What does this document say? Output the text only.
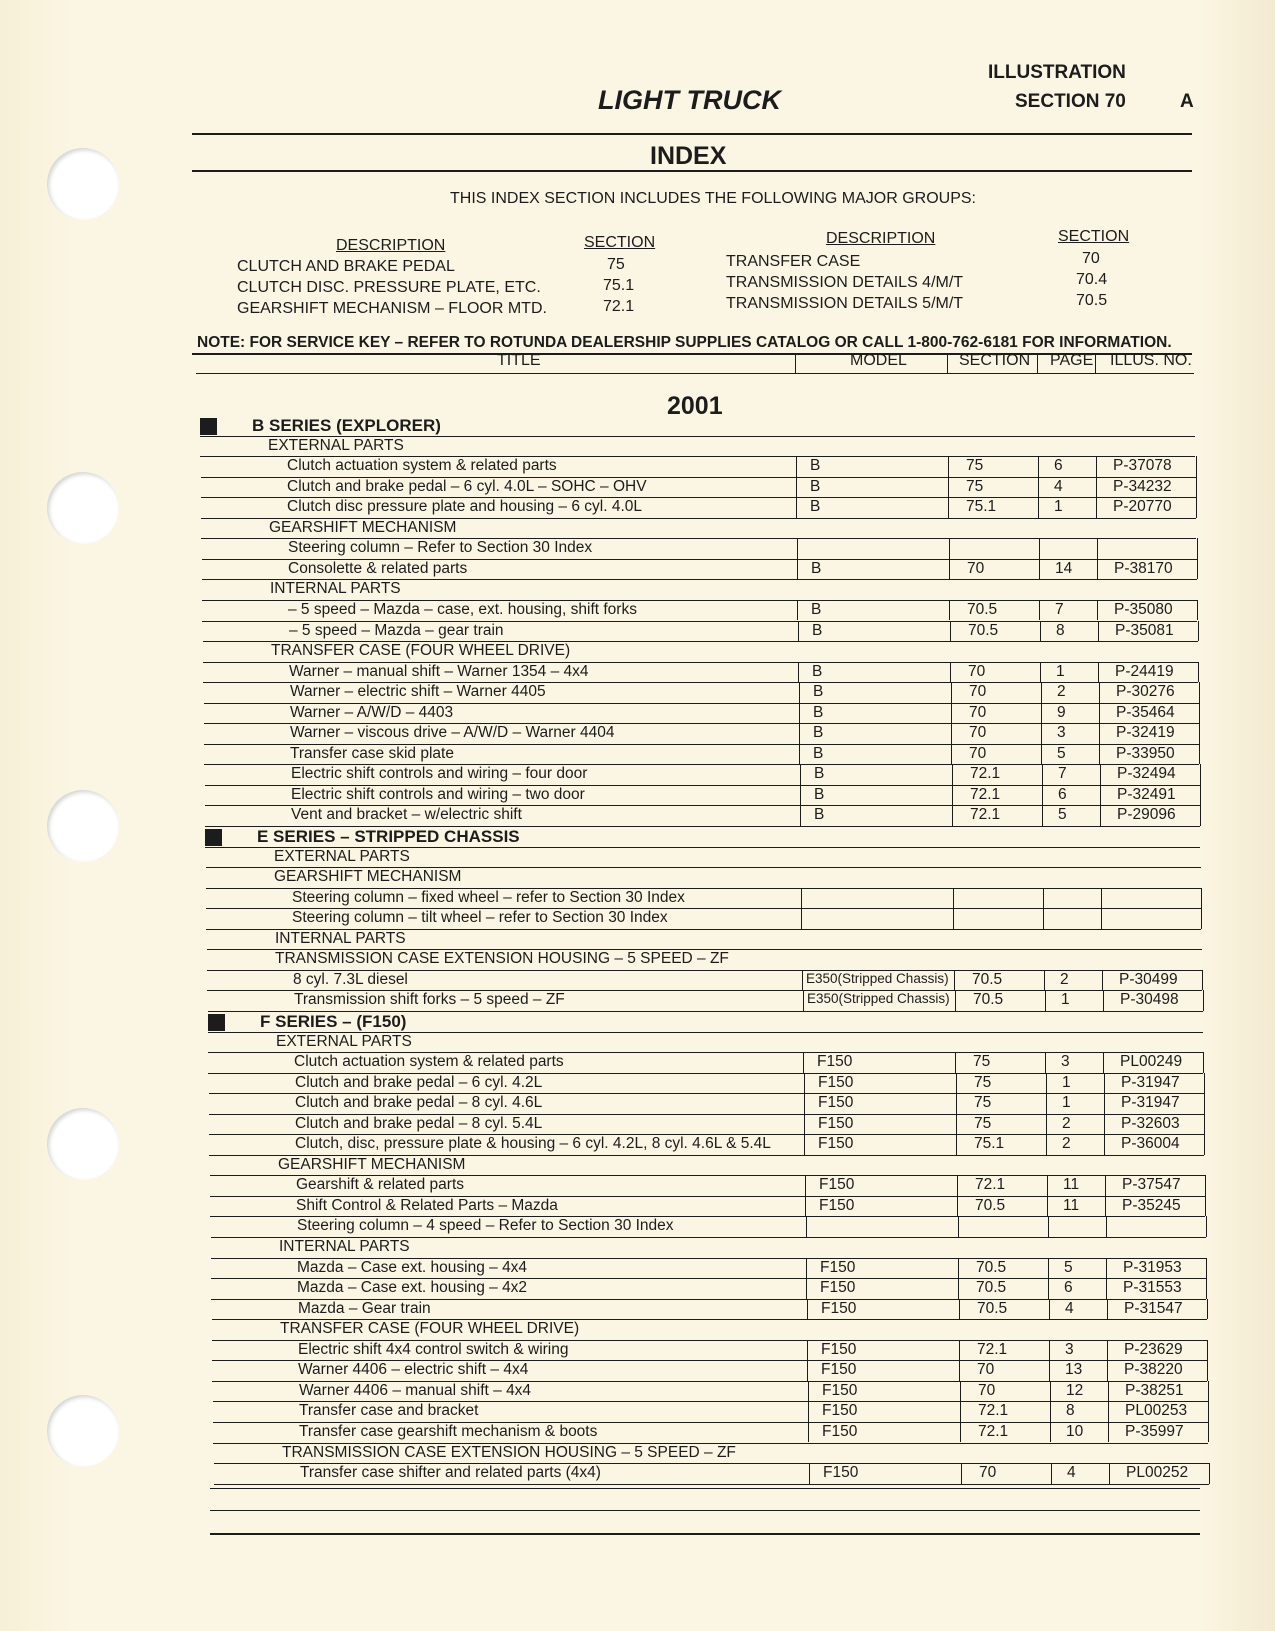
LIGHT TRUCK
ILLUSTRATION
SECTION 70	A
INDEX
THIS INDEX SECTION INCLUDES THE FOLLOWING MAJOR GROUPS:
DESCRIPTION	SECTION	DESCRIPTION	SECTION
CLUTCH AND BRAKE PEDAL	75
CLUTCH DISC. PRESSURE PLATE, ETC.	75.1
GEARSHIFT MECHANISM – FLOOR MTD.	72.1
TRANSFER CASE	70
TRANSMISSION DETAILS 4/M/T	70.4
TRANSMISSION DETAILS 5/M/T	70.5
NOTE: FOR SERVICE KEY – REFER TO ROTUNDA DEALERSHIP SUPPLIES CATALOG OR CALL 1-800-762-6181 FOR INFORMATION.
TITLE	MODEL	SECTION PAGE ILLUS. NO.
2001
B SERIES (EXPLORER)
EXTERNAL PARTS
Clutch actuation system & related parts	B	75	6	P-37078
Clutch and brake pedal – 6 cyl. 4.0L – SOHC – OHV	B	75	4	P-34232
Clutch disc pressure plate and housing – 6 cyl. 4.0L	B	75.1	1	P-20770
GEARSHIFT MECHANISM
Steering column – Refer to Section 30 Index
Consolette & related parts	B	70	14	P-38170
INTERNAL PARTS
– 5 speed – Mazda – case, ext. housing, shift forks	B	70.5	7	P-35080
– 5 speed – Mazda – gear train	B	70.5	8	P-35081
TRANSFER CASE (FOUR WHEEL DRIVE)
Warner – manual shift – Warner 1354 – 4x4	B	70	1	P-24419
Warner – electric shift – Warner 4405	B	70	2	P-30276
Warner – A/W/D – 4403	B	70	9	P-35464
Warner – viscous drive – A/W/D – Warner 4404	B	70	3	P-32419
Transfer case skid plate	B	70	5	P-33950
Electric shift controls and wiring – four door	B	72.1	7	P-32494
Electric shift controls and wiring – two door	B	72.1	6	P-32491
Vent and bracket – w/electric shift	B	72.1	5	P-29096
E SERIES – STRIPPED CHASSIS
EXTERNAL PARTS
GEARSHIFT MECHANISM
Steering column – fixed wheel – refer to Section 30 Index
Steering column – tilt wheel – refer to Section 30 Index
INTERNAL PARTS
TRANSMISSION CASE EXTENSION HOUSING – 5 SPEED – ZF
8 cyl. 7.3L diesel	E350(Stripped Chassis) 70.5	2	P-30499
Transmission shift forks – 5 speed – ZF	E350(Stripped Chassis) 70.5	1	P-30498
F SERIES – (F150)
EXTERNAL PARTS
Clutch actuation system & related parts	F150	75	3	PL00249
Clutch and brake pedal – 6 cyl. 4.2L	F150	75	1	P-31947
Clutch and brake pedal – 8 cyl. 4.6L	F150	75	1	P-31947
Clutch and brake pedal – 8 cyl. 5.4L	F150	75	2	P-32603
Clutch, disc, pressure plate & housing – 6 cyl. 4.2L, 8 cyl. 4.6L & 5.4L	F150	75.1	2	P-36004
GEARSHIFT MECHANISM
Gearshift & related parts	F150	72.1	11	P-37547
Shift Control & Related Parts – Mazda	F150	70.5	11	P-35245
Steering column – 4 speed – Refer to Section 30 Index
INTERNAL PARTS
Mazda – Case ext. housing – 4x4	F150	70.5	5	P-31953
Mazda – Case ext. housing – 4x2	F150	70.5	6	P-31553
Mazda – Gear train	F150	70.5	4	P-31547
TRANSFER CASE (FOUR WHEEL DRIVE)
Electric shift 4x4 control switch & wiring	F150	72.1	3	P-23629
Warner 4406 – electric shift – 4x4	F150	70	13	P-38220
Warner 4406 – manual shift – 4x4	F150	70	12	P-38251
Transfer case and bracket	F150	72.1	8	PL00253
Transfer case gearshift mechanism & boots	F150	72.1	10	P-35997
TRANSMISSION CASE EXTENSION HOUSING – 5 SPEED – ZF
Transfer case shifter and related parts (4x4)	F150	70	4	PL00252
